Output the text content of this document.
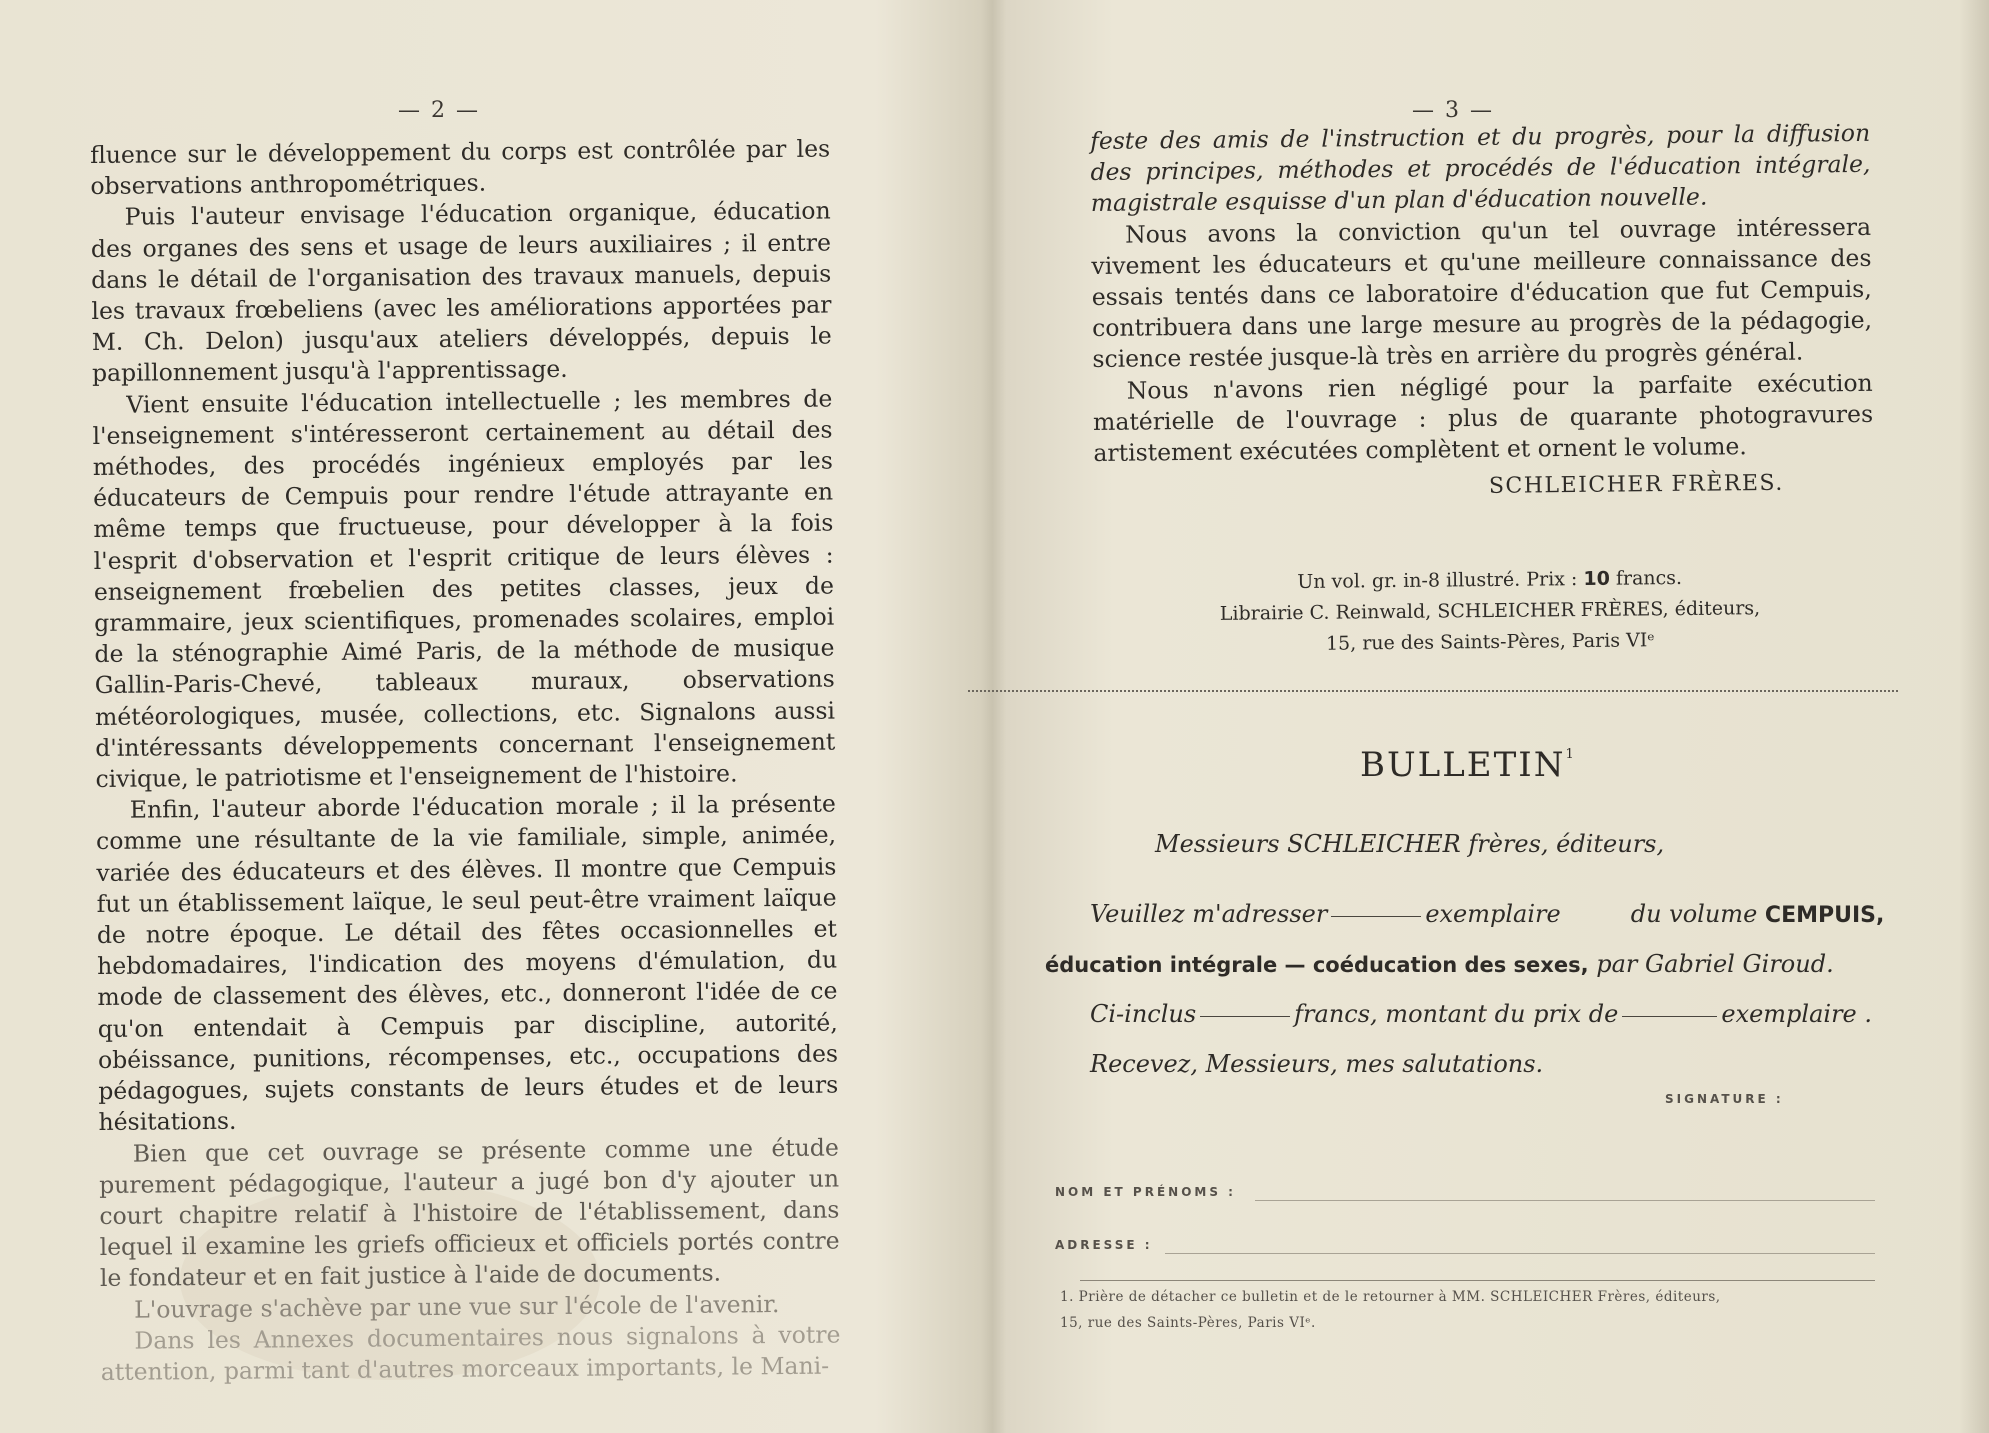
— 2 —

fluence sur le développement du corps est contrôlée par les observations anthropométriques.

Puis l'auteur envisage l'éducation organique, éducation des organes des sens et usage de leurs auxiliaires ; il entre dans le détail de l'organisation des travaux manuels, depuis les travaux frœbeliens (avec les améliorations apportées par M. Ch. Delon) jusqu'aux ateliers développés, depuis le papillonnement jusqu'à l'apprentissage.

Vient ensuite l'éducation intellectuelle ; les membres de l'enseignement s'intéresseront certainement au détail des méthodes, des procédés ingénieux employés par les éducateurs de Cempuis pour rendre l'étude attrayante en même temps que fructueuse, pour développer à la fois l'esprit d'observation et l'esprit critique de leurs élèves : enseignement frœbelien des petites classes, jeux de grammaire, jeux scientifiques, promenades scolaires, emploi de la sténographie Aimé Paris, de la méthode de musique Gallin-Paris-Chevé, tableaux muraux, observations météorologiques, musée, collections, etc. Signalons aussi d'intéressants développements concernant l'enseignement civique, le patriotisme et l'enseignement de l'histoire.

Enfin, l'auteur aborde l'éducation morale ; il la présente comme une résultante de la vie familiale, simple, animée, variée des éducateurs et des élèves. Il montre que Cempuis fut un établissement laïque, le seul peut-être vraiment laïque de notre époque. Le détail des fêtes occasionnelles et hebdomadaires, l'indication des moyens d'émulation, du mode de classement des élèves, etc., donneront l'idée de ce qu'on entendait à Cempuis par discipline, autorité, obéissance, punitions, récompenses, etc., occupations des pédagogues, sujets constants de leurs études et de leurs hésitations.

Bien que cet ouvrage se présente comme une étude purement pédagogique, l'auteur a jugé bon d'y ajouter un court chapitre relatif à l'histoire de l'établissement, dans lequel il examine les griefs officieux et officiels portés contre le fondateur et en fait justice à l'aide de documents.

L'ouvrage s'achève par une vue sur l'école de l'avenir.

Dans les Annexes documentaires nous signalons à votre attention, parmi tant d'autres morceaux importants, le Mani-

— 3 —

feste des amis de l'instruction et du progrès, pour la diffusion des principes, méthodes et procédés de l'éducation intégrale, magistrale esquisse d'un plan d'éducation nouvelle.

Nous avons la conviction qu'un tel ouvrage intéressera vivement les éducateurs et qu'une meilleure connaissance des essais tentés dans ce laboratoire d'éducation que fut Cempuis, contribuera dans une large mesure au progrès de la pédagogie, science restée jusque-là très en arrière du progrès général.

Nous n'avons rien négligé pour la parfaite exécution matérielle de l'ouvrage : plus de quarante photogravures artistement exécutées complètent et ornent le volume.

SCHLEICHER FRÈRES.

Un vol. gr. in-8 illustré. Prix : 10 francs.
Librairie C. Reinwald, SCHLEICHER FRÈRES, éditeurs,
15, rue des Saints-Pères, Paris VIᵉ
BULLETIN$^1$
Messieurs SCHLEICHER frères, éditeurs,
Veuillez m'adresser	exemplaire	du volume CEMPUIS,
éducation intégrale — coéducation des sexes, par Gabriel Giroud.
Ci-inclus	francs, montant du prix de	exemplaire .
Recevez, Messieurs, mes salutations.
SIGNATURE :
NOM ET PRÉNOMS :
ADRESSE :
1. Prière de détacher ce bulletin et de le retourner à MM. SCHLEICHER Frères, éditeurs,
15, rue des Saints-Pères, Paris VIᵉ.
